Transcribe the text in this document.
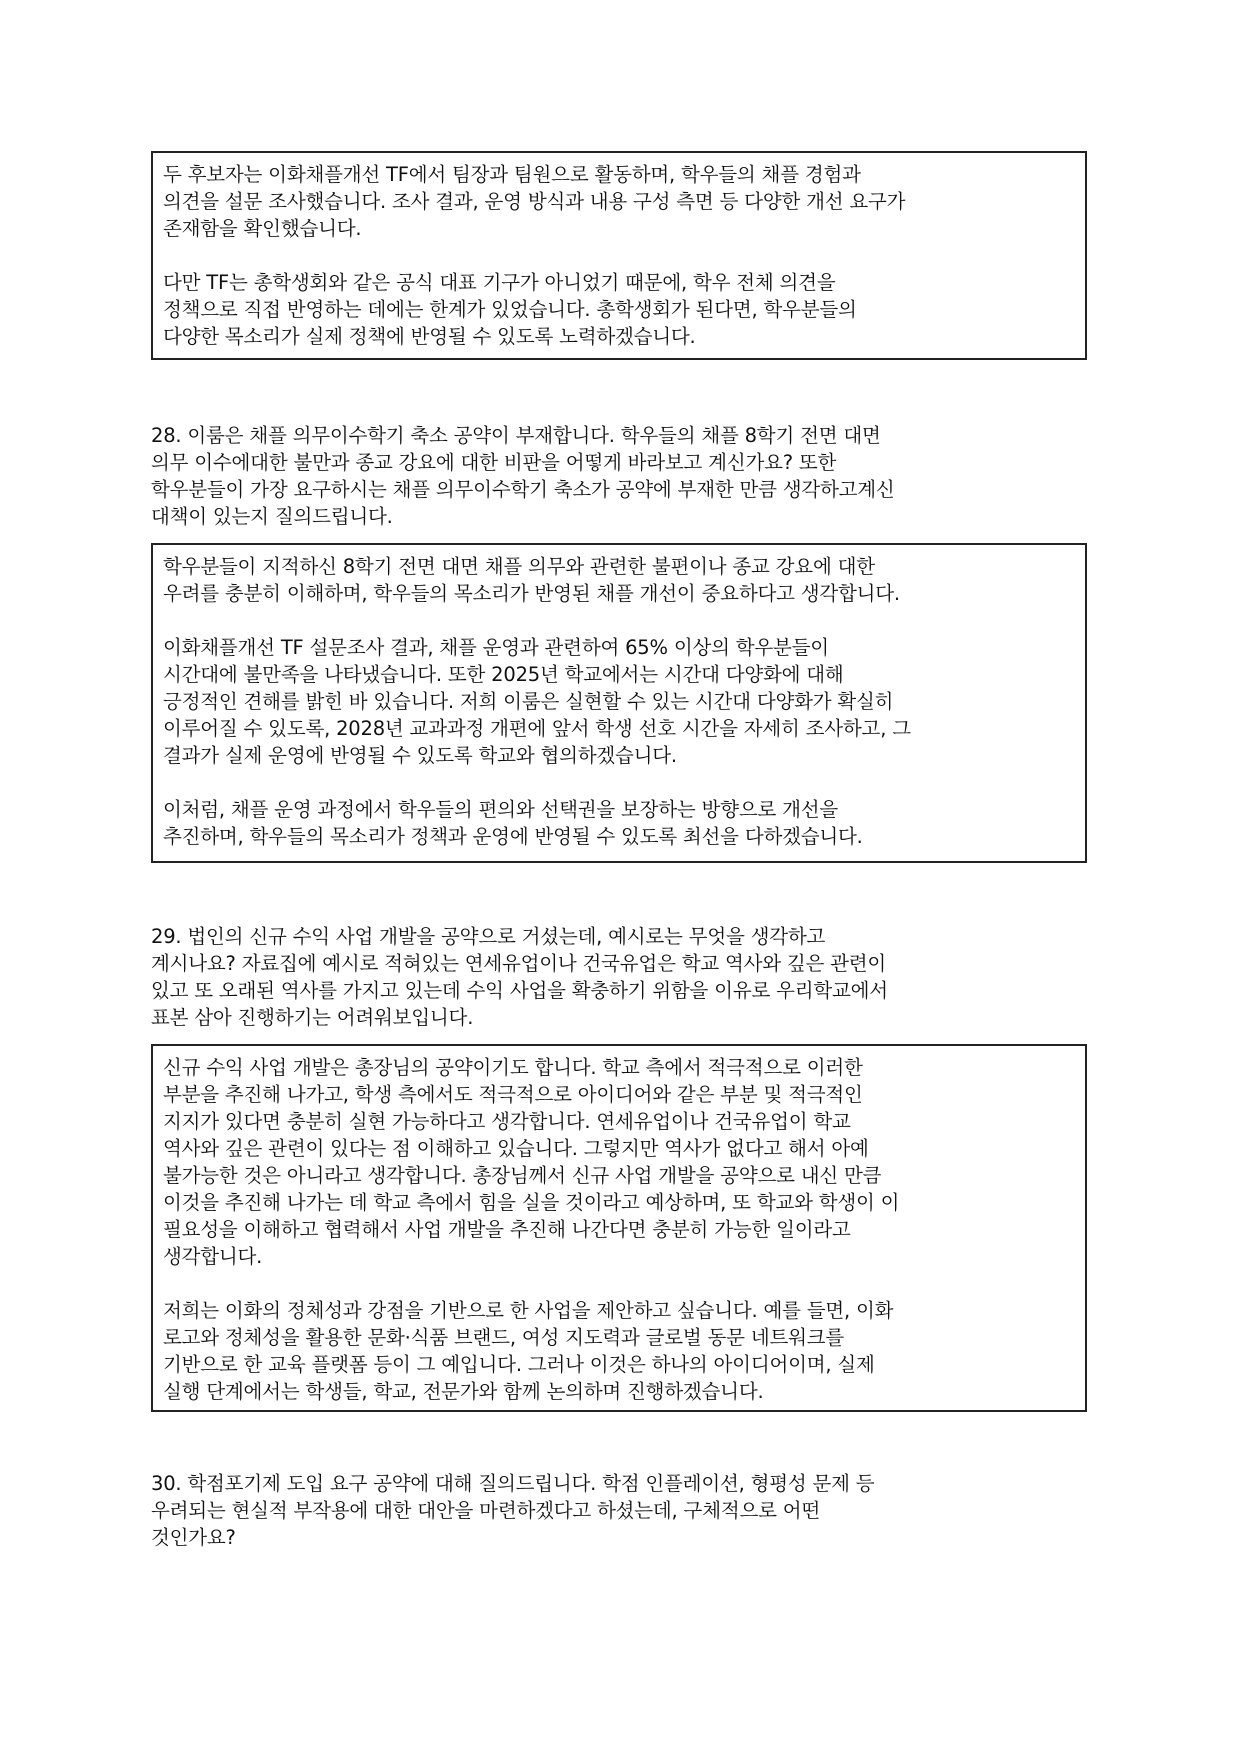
두 후보자는 이화채플개선 TF에서 팀장과 팀원으로 활동하며, 학우들의 채플 경험과
의견을 설문 조사했습니다. 조사 결과, 운영 방식과 내용 구성 측면 등 다양한 개선 요구가
존재함을 확인했습니다.
다만 TF는 총학생회와 같은 공식 대표 기구가 아니었기 때문에, 학우 전체 의견을
정책으로 직접 반영하는 데에는 한계가 있었습니다. 총학생회가 된다면, 학우분들의
다양한 목소리가 실제 정책에 반영될 수 있도록 노력하겠습니다.
28. 이룸은 채플 의무이수학기 축소 공약이 부재합니다. 학우들의 채플 8학기 전면 대면
의무 이수에대한 불만과 종교 강요에 대한 비판을 어떻게 바라보고 계신가요? 또한
학우분들이 가장 요구하시는 채플 의무이수학기 축소가 공약에 부재한 만큼 생각하고계신
대책이 있는지 질의드립니다.
학우분들이 지적하신 8학기 전면 대면 채플 의무와 관련한 불편이나 종교 강요에 대한
우려를 충분히 이해하며, 학우들의 목소리가 반영된 채플 개선이 중요하다고 생각합니다.
이화채플개선 TF 설문조사 결과, 채플 운영과 관련하여 65% 이상의 학우분들이
시간대에 불만족을 나타냈습니다. 또한 2025년 학교에서는 시간대 다양화에 대해
긍정적인 견해를 밝힌 바 있습니다. 저희 이룸은 실현할 수 있는 시간대 다양화가 확실히
이루어질 수 있도록, 2028년 교과과정 개편에 앞서 학생 선호 시간을 자세히 조사하고, 그
결과가 실제 운영에 반영될 수 있도록 학교와 협의하겠습니다.
이처럼, 채플 운영 과정에서 학우들의 편의와 선택권을 보장하는 방향으로 개선을
추진하며, 학우들의 목소리가 정책과 운영에 반영될 수 있도록 최선을 다하겠습니다.
29. 법인의 신규 수익 사업 개발을 공약으로 거셨는데, 예시로는 무엇을 생각하고
계시나요? 자료집에 예시로 적혀있는 연세유업이나 건국유업은 학교 역사와 깊은 관련이
있고 또 오래된 역사를 가지고 있는데 수익 사업을 확충하기 위함을 이유로 우리학교에서
표본 삼아 진행하기는 어려워보입니다.
신규 수익 사업 개발은 총장님의 공약이기도 합니다. 학교 측에서 적극적으로 이러한
부분을 추진해 나가고, 학생 측에서도 적극적으로 아이디어와 같은 부분 및 적극적인
지지가 있다면 충분히 실현 가능하다고 생각합니다. 연세유업이나 건국유업이 학교
역사와 깊은 관련이 있다는 점 이해하고 있습니다. 그렇지만 역사가 없다고 해서 아예
불가능한 것은 아니라고 생각합니다. 총장님께서 신규 사업 개발을 공약으로 내신 만큼
이것을 추진해 나가는 데 학교 측에서 힘을 실을 것이라고 예상하며, 또 학교와 학생이 이
필요성을 이해하고 협력해서 사업 개발을 추진해 나간다면 충분히 가능한 일이라고
생각합니다.
저희는 이화의 정체성과 강점을 기반으로 한 사업을 제안하고 싶습니다. 예를 들면, 이화
로고와 정체성을 활용한 문화·식품 브랜드, 여성 지도력과 글로벌 동문 네트워크를
기반으로 한 교육 플랫폼 등이 그 예입니다. 그러나 이것은 하나의 아이디어이며, 실제
실행 단계에서는 학생들, 학교, 전문가와 함께 논의하며 진행하겠습니다.
30. 학점포기제 도입 요구 공약에 대해 질의드립니다. 학점 인플레이션, 형평성 문제 등
우려되는 현실적 부작용에 대한 대안을 마련하겠다고 하셨는데, 구체적으로 어떤
것인가요?
